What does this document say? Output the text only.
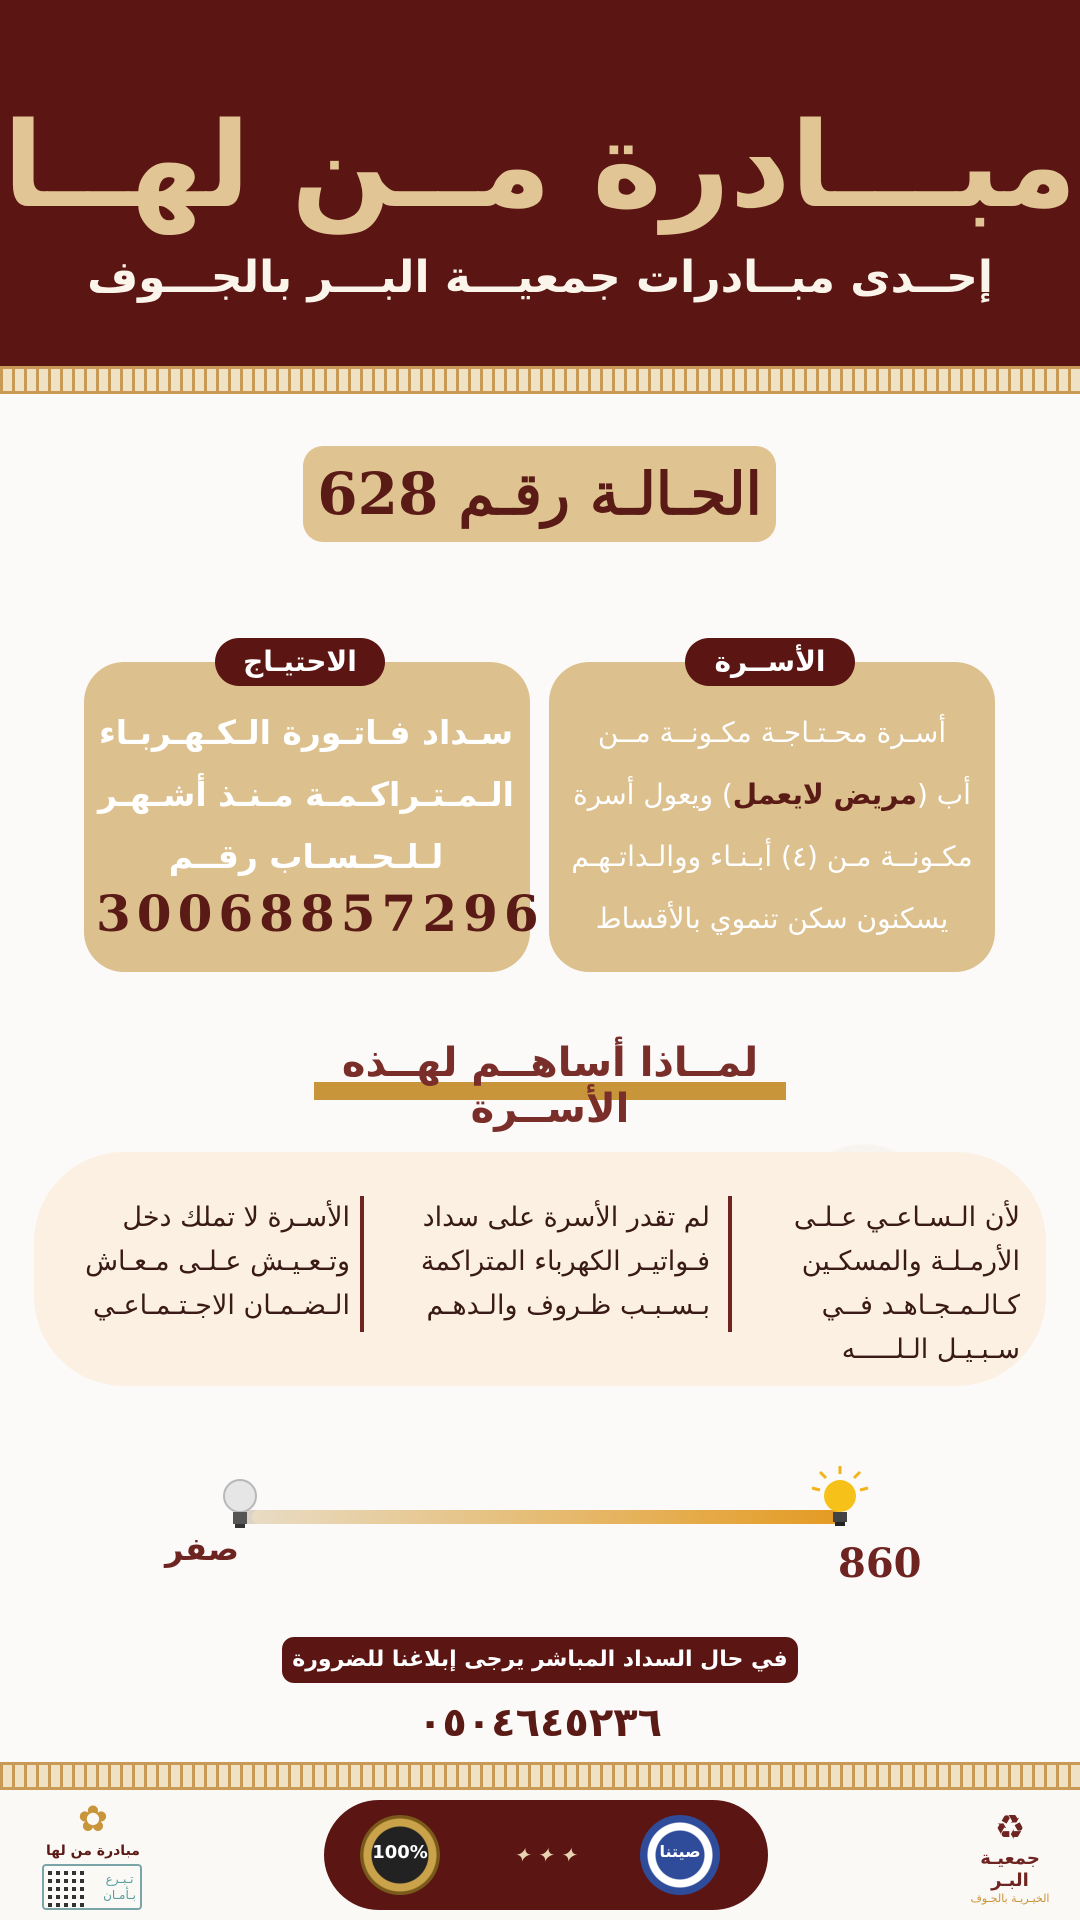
مبـــادرة مــن لهــا
إحــدى مبــادرات جمعيـــة البـــر بالجـــوف
الحـالـة رقـم 628
الأســرة
الاحتيـاج
أسـرة محـتـاجـة مكـونــة مــن
أب (مريض لايعمل) ويعول أسرة
مكـونــة مـن (٤) أبـنـاء ووالـداتـهـم
يسكنون سكن تنموي بالأقساط
سـداد فـاتـورة الـكـهـربـاء
الـمـتـراكـمـة مـنـذ أشـهـر
لـلـحـسـاب رقــم
30068857296
لمــاذا أساهــم لهــذه الأســرة
لأن الـسـاعـي عـلـى
الأرمـلـة والمسكـين
كـالـمـجـاهـد فــي
سـبـيـل الـلـــــه
لم تقدر الأسرة على سداد
فـواتيـر الكهرباء المتراكمة
بـسـبـب ظـروف والـدهـم
الأسـرة لا تملك دخل
وتـعـيـش عـلـى مـعـاش
الـضـمـان الاجـتـمـاعـي
860
صفر
في حال السداد المباشر يرجى إبلاغنا للضرورة
٠٥٠٤٦٤٥٢٣٦
100%	✦ ✦ ✦	صيتنا
♻
جمعيـة البـر
الخيـريـة بالجـوف
✿
مبادرة من لها
تـبـرع
بـأمـان
